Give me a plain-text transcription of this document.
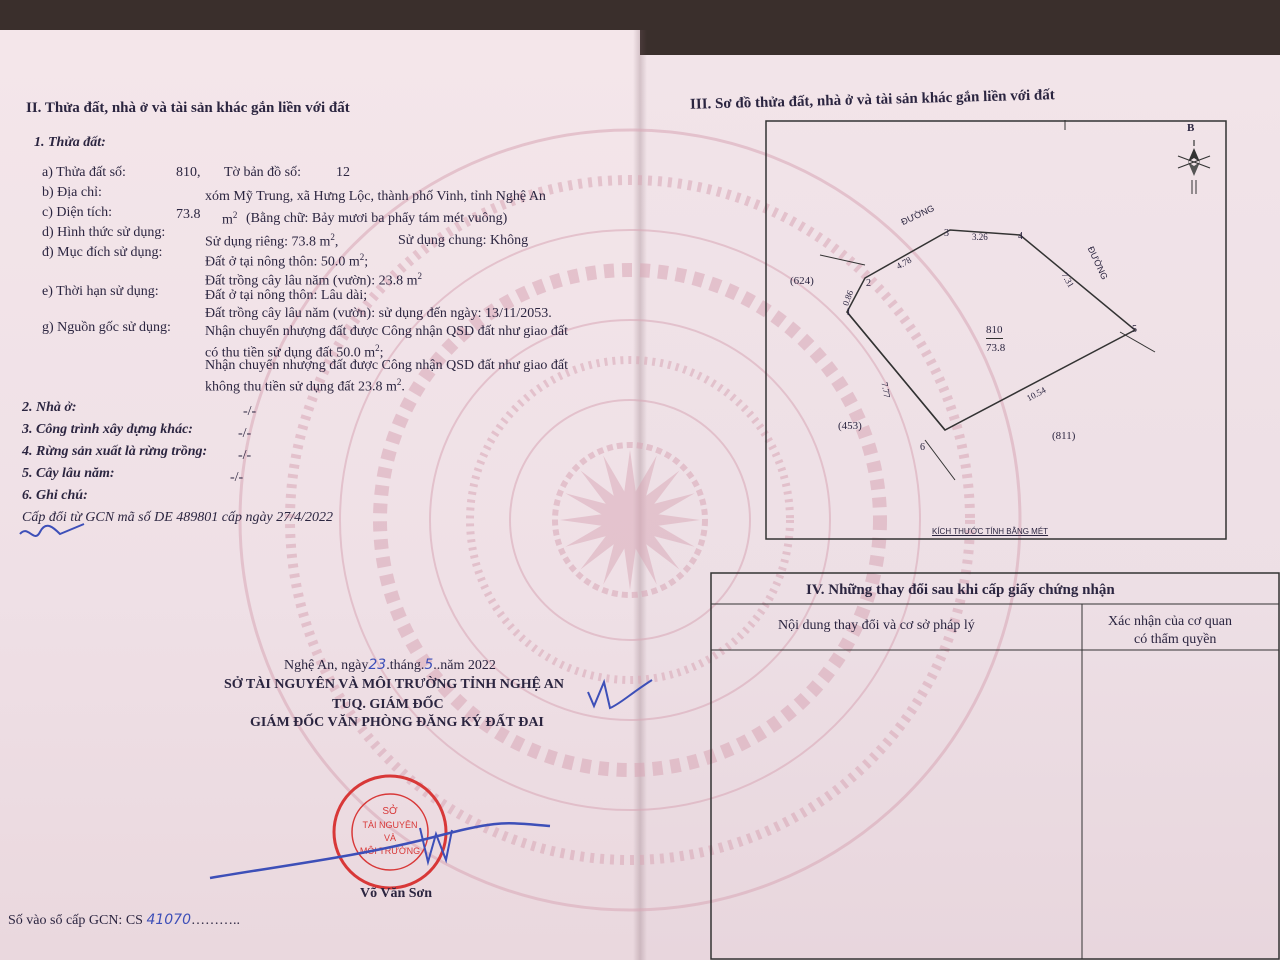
II. Thửa đất, nhà ở và tài sản khác gắn liền với đất
1. Thửa đất:
a) Thửa đất số:	810, Tờ bản đồ số: 12
b) Địa chỉ:	xóm Mỹ Trung, xã Hưng Lộc, thành phố Vinh, tỉnh Nghệ An
c) Diện tích:	73.8 $m^2$ (Bằng chữ: Bảy mươi ba phẩy tám mét vuông)
d) Hình thức sử dụng:
Sử dụng riêng: 73.8 $m^2$,	Sử dụng chung: Không
đ) Mục đích sử dụng:
Đất ở tại nông thôn: 50.0 $m^2$;
Đất trồng cây lâu năm (vườn): 23.8 $m^2$
e) Thời hạn sử dụng:	Đất ở tại nông thôn: Lâu dài;
Đất trồng cây lâu năm (vườn): sử dụng đến ngày: 13/11/2053.
g) Nguồn gốc sử dụng: Nhận chuyển nhượng đất được Công nhận QSD đất như giao đất
có thu tiền sử dụng đất 50.0 $m^2$;
Nhận chuyển nhượng đất được Công nhận QSD đất như giao đất
không thu tiền sử dụng đất 23.8 $m^2$.
2. Nhà ở:	-/-
3. Công trình xây dựng khác:	-/-
4. Rừng sản xuất là rừng trồng: -/-
5. Cây lâu năm:	-/-
6. Ghi chú:
Cấp đổi từ GCN mã số DE 489801 cấp ngày 27/4/2022
Nghệ An, ngày23.tháng.5..năm 2022
SỞ TÀI NGUYÊN VÀ MÔI TRƯỜNG TỈNH NGHỆ AN
TUQ. GIÁM ĐỐC
GIÁM ĐỐC VĂN PHÒNG ĐĂNG KÝ ĐẤT ĐAI
SỞ
TÀI NGUYÊN
VÀ
MÔI TRƯỜNG
Võ Văn Sơn
Số vào sổ cấp GCN: CS 41070………..
III. Sơ đồ thửa đất, nhà ở và tài sản khác gắn liền với đất
ĐƯỜNG
ĐƯỜNG
(624)
(453)
(811)
810
73.8
1
2
3	4
5
6
0.86
4.78
3.26
7.31
10.54
7.77
KÍCH THƯỚC TÍNH BẰNG MÉT
B
IV. Những thay đổi sau khi cấp giấy chứng nhận
Nội dung thay đổi và cơ sở pháp lý	Xác nhận của cơ quan
có thẩm quyền
